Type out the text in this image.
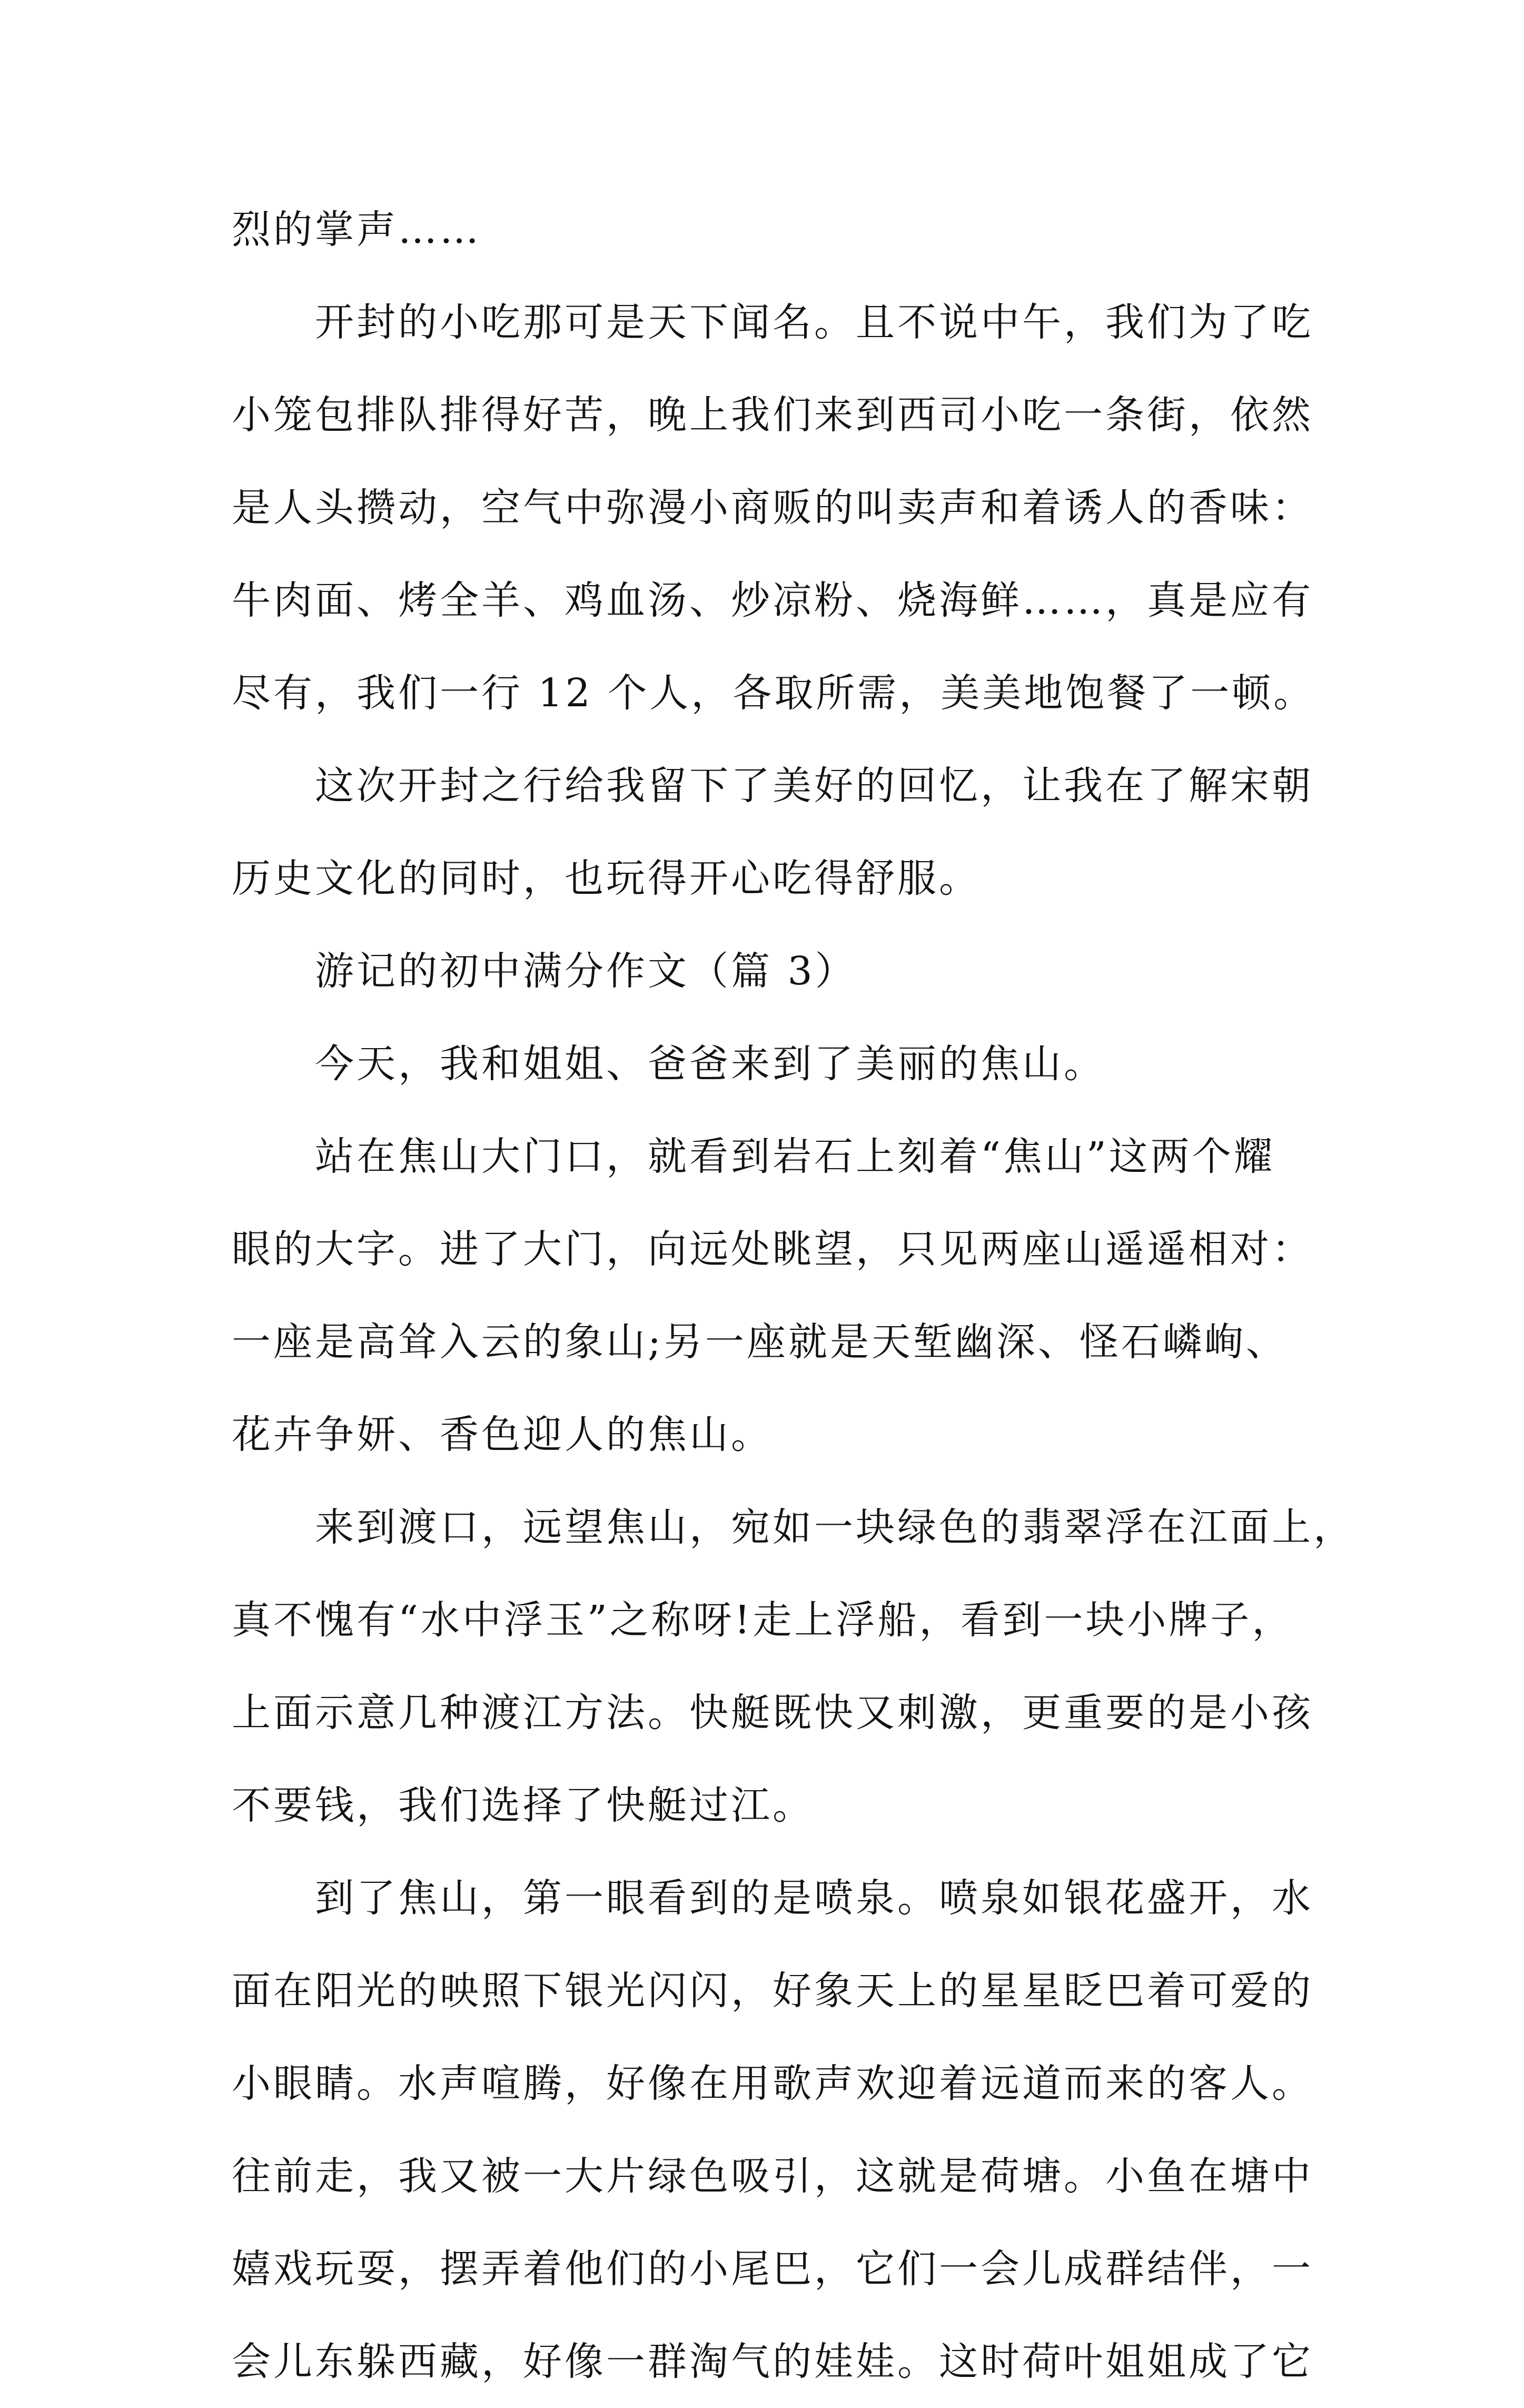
烈的掌声……
开封的小吃那可是天下闻名。且不说中午，我们为了吃
小笼包排队排得好苦，晚上我们来到西司小吃一条街，依然
是人头攒动，空气中弥漫小商贩的叫卖声和着诱人的香味：
牛肉面、烤全羊、鸡血汤、炒凉粉、烧海鲜……，真是应有
尽有，我们一行 12 个人，各取所需，美美地饱餐了一顿。
这次开封之行给我留下了美好的回忆，让我在了解宋朝
历史文化的同时，也玩得开心吃得舒服。
游记的初中满分作文（篇 3）
今天，我和姐姐、爸爸来到了美丽的焦山。
站在焦山大门口，就看到岩石上刻着“焦山”这两个耀
眼的大字。进了大门，向远处眺望，只见两座山遥遥相对：
一座是高耸入云的象山;另一座就是天堑幽深、怪石嶙峋、
花卉争妍、香色迎人的焦山。
来到渡口，远望焦山，宛如一块绿色的翡翠浮在江面上，
真不愧有“水中浮玉”之称呀!走上浮船，看到一块小牌子，
上面示意几种渡江方法。快艇既快又刺激，更重要的是小孩
不要钱，我们选择了快艇过江。
到了焦山，第一眼看到的是喷泉。喷泉如银花盛开，水
面在阳光的映照下银光闪闪，好象天上的星星眨巴着可爱的
小眼睛。水声喧腾，好像在用歌声欢迎着远道而来的客人。
往前走，我又被一大片绿色吸引，这就是荷塘。小鱼在塘中
嬉戏玩耍，摆弄着他们的小尾巴，它们一会儿成群结伴，一
会儿东躲西藏，好像一群淘气的娃娃。这时荷叶姐姐成了它
